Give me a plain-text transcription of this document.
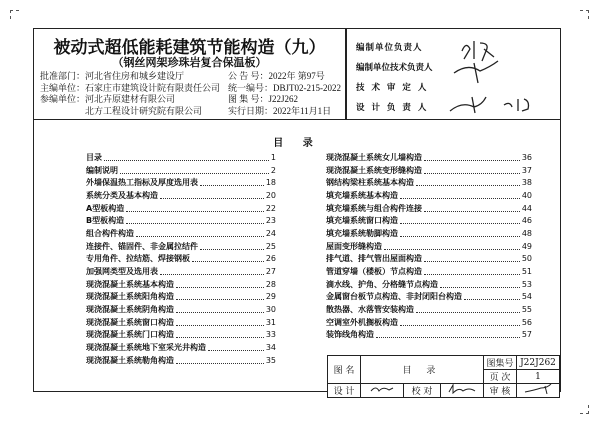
被动式超低能耗建筑节能构造（九）
（钢丝网架珍珠岩复合保温板）
批准部门：河北省住房和城乡建设厅
主编单位：石家庄市建筑设计院有限责任公司
参编单位：河北卉原建材有限公司
北方工程设计研究院有限公司
公 告 号：2022年 第97号
统一编号：DBJT02-215-2022
图 集 号：J22J262
实行日期：2022年11月1日
编制单位负责人
编制单位技术负责人
技 术 审 定 人
设 计 负 责 人
目 录
目录	1
编制说明	2
外墙保温热工指标及厚度选用表	18
系统分类及基本构造	20
A型板构造	22
B型板构造	23
组合构件构造	24
连接件、锚固件、非金属拉结件	25
专用角件、拉结筋、焊接钢板	26
加强网类型及选用表	27
现浇混凝土系统基本构造	28
现浇混凝土系统阳角构造	29
现浇混凝土系统阴角构造	30
现浇混凝土系统窗口构造	31
现浇混凝土系统门口构造	33
现浇混凝土系统地下室采光井构造	34
现浇混凝土系统勒角构造	35
现浇混凝土系统女儿墙构造	36
现浇混凝土系统变形缝构造	37
钢结构梁柱系统基本构造	38
填充墙系统基本构造	40
填充墙系统与组合构件连接	44
填充墙系统窗口构造	46
填充墙系统勒脚构造	48
屋面变形缝构造	49
排气道、排气管出屋面构造	50
管道穿墙（楼板）节点构造	51
滴水线、护角、分格缝节点构造	53
金属窗台板节点构造、非封闭阳台构造	54
散热器、水落管安装构造	55
空调室外机搁板构造	56
装饰线角构造	57
图 名	目 录			图集号	J22J262
				页 次	1
设 计		校 对		审 核	
